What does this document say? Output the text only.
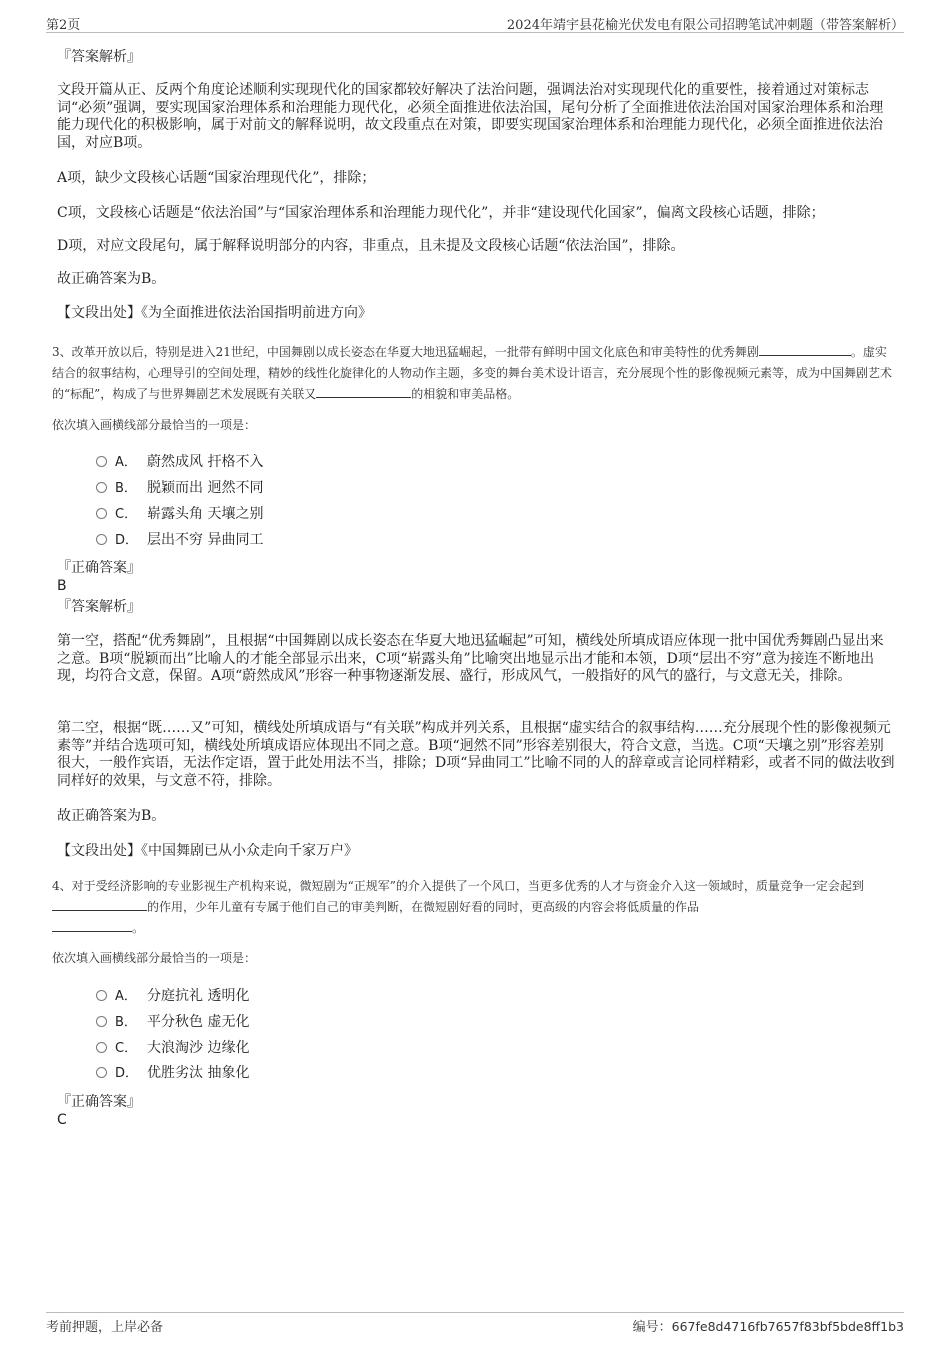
第2页	2024年靖宇县花榆光伏发电有限公司招聘笔试冲刺题（带答案解析）
『答案解析』
文段开篇从正、反两个角度论述顺利实现现代化的国家都较好解决了法治问题，强调法治对实现现代化的重要性，接着通过对策标志词“必须”强调，要实现国家治理体系和治理能力现代化，必须全面推进依法治国，尾句分析了全面推进依法治国对国家治理体系和治理能力现代化的积极影响，属于对前文的解释说明，故文段重点在对策，即要实现国家治理体系和治理能力现代化，必须全面推进依法治国，对应B项。
A项，缺少文段核心话题“国家治理现代化”，排除；
C项，文段核心话题是“依法治国”与“国家治理体系和治理能力现代化”，并非“建设现代化国家”，偏离文段核心话题，排除；
D项，对应文段尾句，属于解释说明部分的内容，非重点，且未提及文段核心话题“依法治国”，排除。
故正确答案为B。
【文段出处】《为全面推进依法治国指明前进方向》
3、改革开放以后，特别是进入21世纪，中国舞剧以成长姿态在华夏大地迅猛崛起，一批带有鲜明中国文化底色和审美特性的优秀舞剧	。虚实结合的叙事结构，心理导引的空间处理，精妙的线性化旋律化的人物动作主题，多变的舞台美术设计语言，充分展现个性的影像视频元素等，成为中国舞剧艺术的“标配”，构成了与世界舞剧艺术发展既有关联又	的相貌和审美品格。
依次填入画横线部分最恰当的一项是：
A． 蔚然成风 扞格不入
B． 脱颖而出 迥然不同
C． 崭露头角 天壤之别
D． 层出不穷 异曲同工
『正确答案』
B
『答案解析』
第一空，搭配“优秀舞剧”，且根据“中国舞剧以成长姿态在华夏大地迅猛崛起”可知，横线处所填成语应体现一批中国优秀舞剧凸显出来之意。B项“脱颖而出”比喻人的才能全部显示出来，C项“崭露头角”比喻突出地显示出才能和本领，D项“层出不穷”意为接连不断地出现，均符合文意，保留。A项“蔚然成风”形容一种事物逐渐发展、盛行，形成风气，一般指好的风气的盛行，与文意无关，排除。
第二空，根据“既……又”可知，横线处所填成语与“有关联”构成并列关系，且根据“虚实结合的叙事结构……充分展现个性的影像视频元素等”并结合选项可知，横线处所填成语应体现出不同之意。B项“迥然不同”形容差别很大，符合文意，当选。C项“天壤之别”形容差别很大，一般作宾语，无法作定语，置于此处用法不当，排除；D项“异曲同工”比喻不同的人的辞章或言论同样精彩，或者不同的做法收到同样好的效果，与文意不符，排除。
故正确答案为B。
【文段出处】《中国舞剧已从小众走向千家万户》
4、对于受经济影响的专业影视生产机构来说，微短剧为“正规军”的介入提供了一个风口，当更多优秀的人才与资金介入这一领域时，质量竞争一定会起到的作用，少年儿童有专属于他们自己的审美判断，在微短剧好看的同时，更高级的内容会将低质量的作品
。
依次填入画横线部分最恰当的一项是：
A． 分庭抗礼 透明化
B． 平分秋色 虚无化
C． 大浪淘沙 边缘化
D． 优胜劣汰 抽象化
『正确答案』
C
考前押题，上岸必备	编号：667fe8d4716fb7657f83bf5bde8ff1b3
